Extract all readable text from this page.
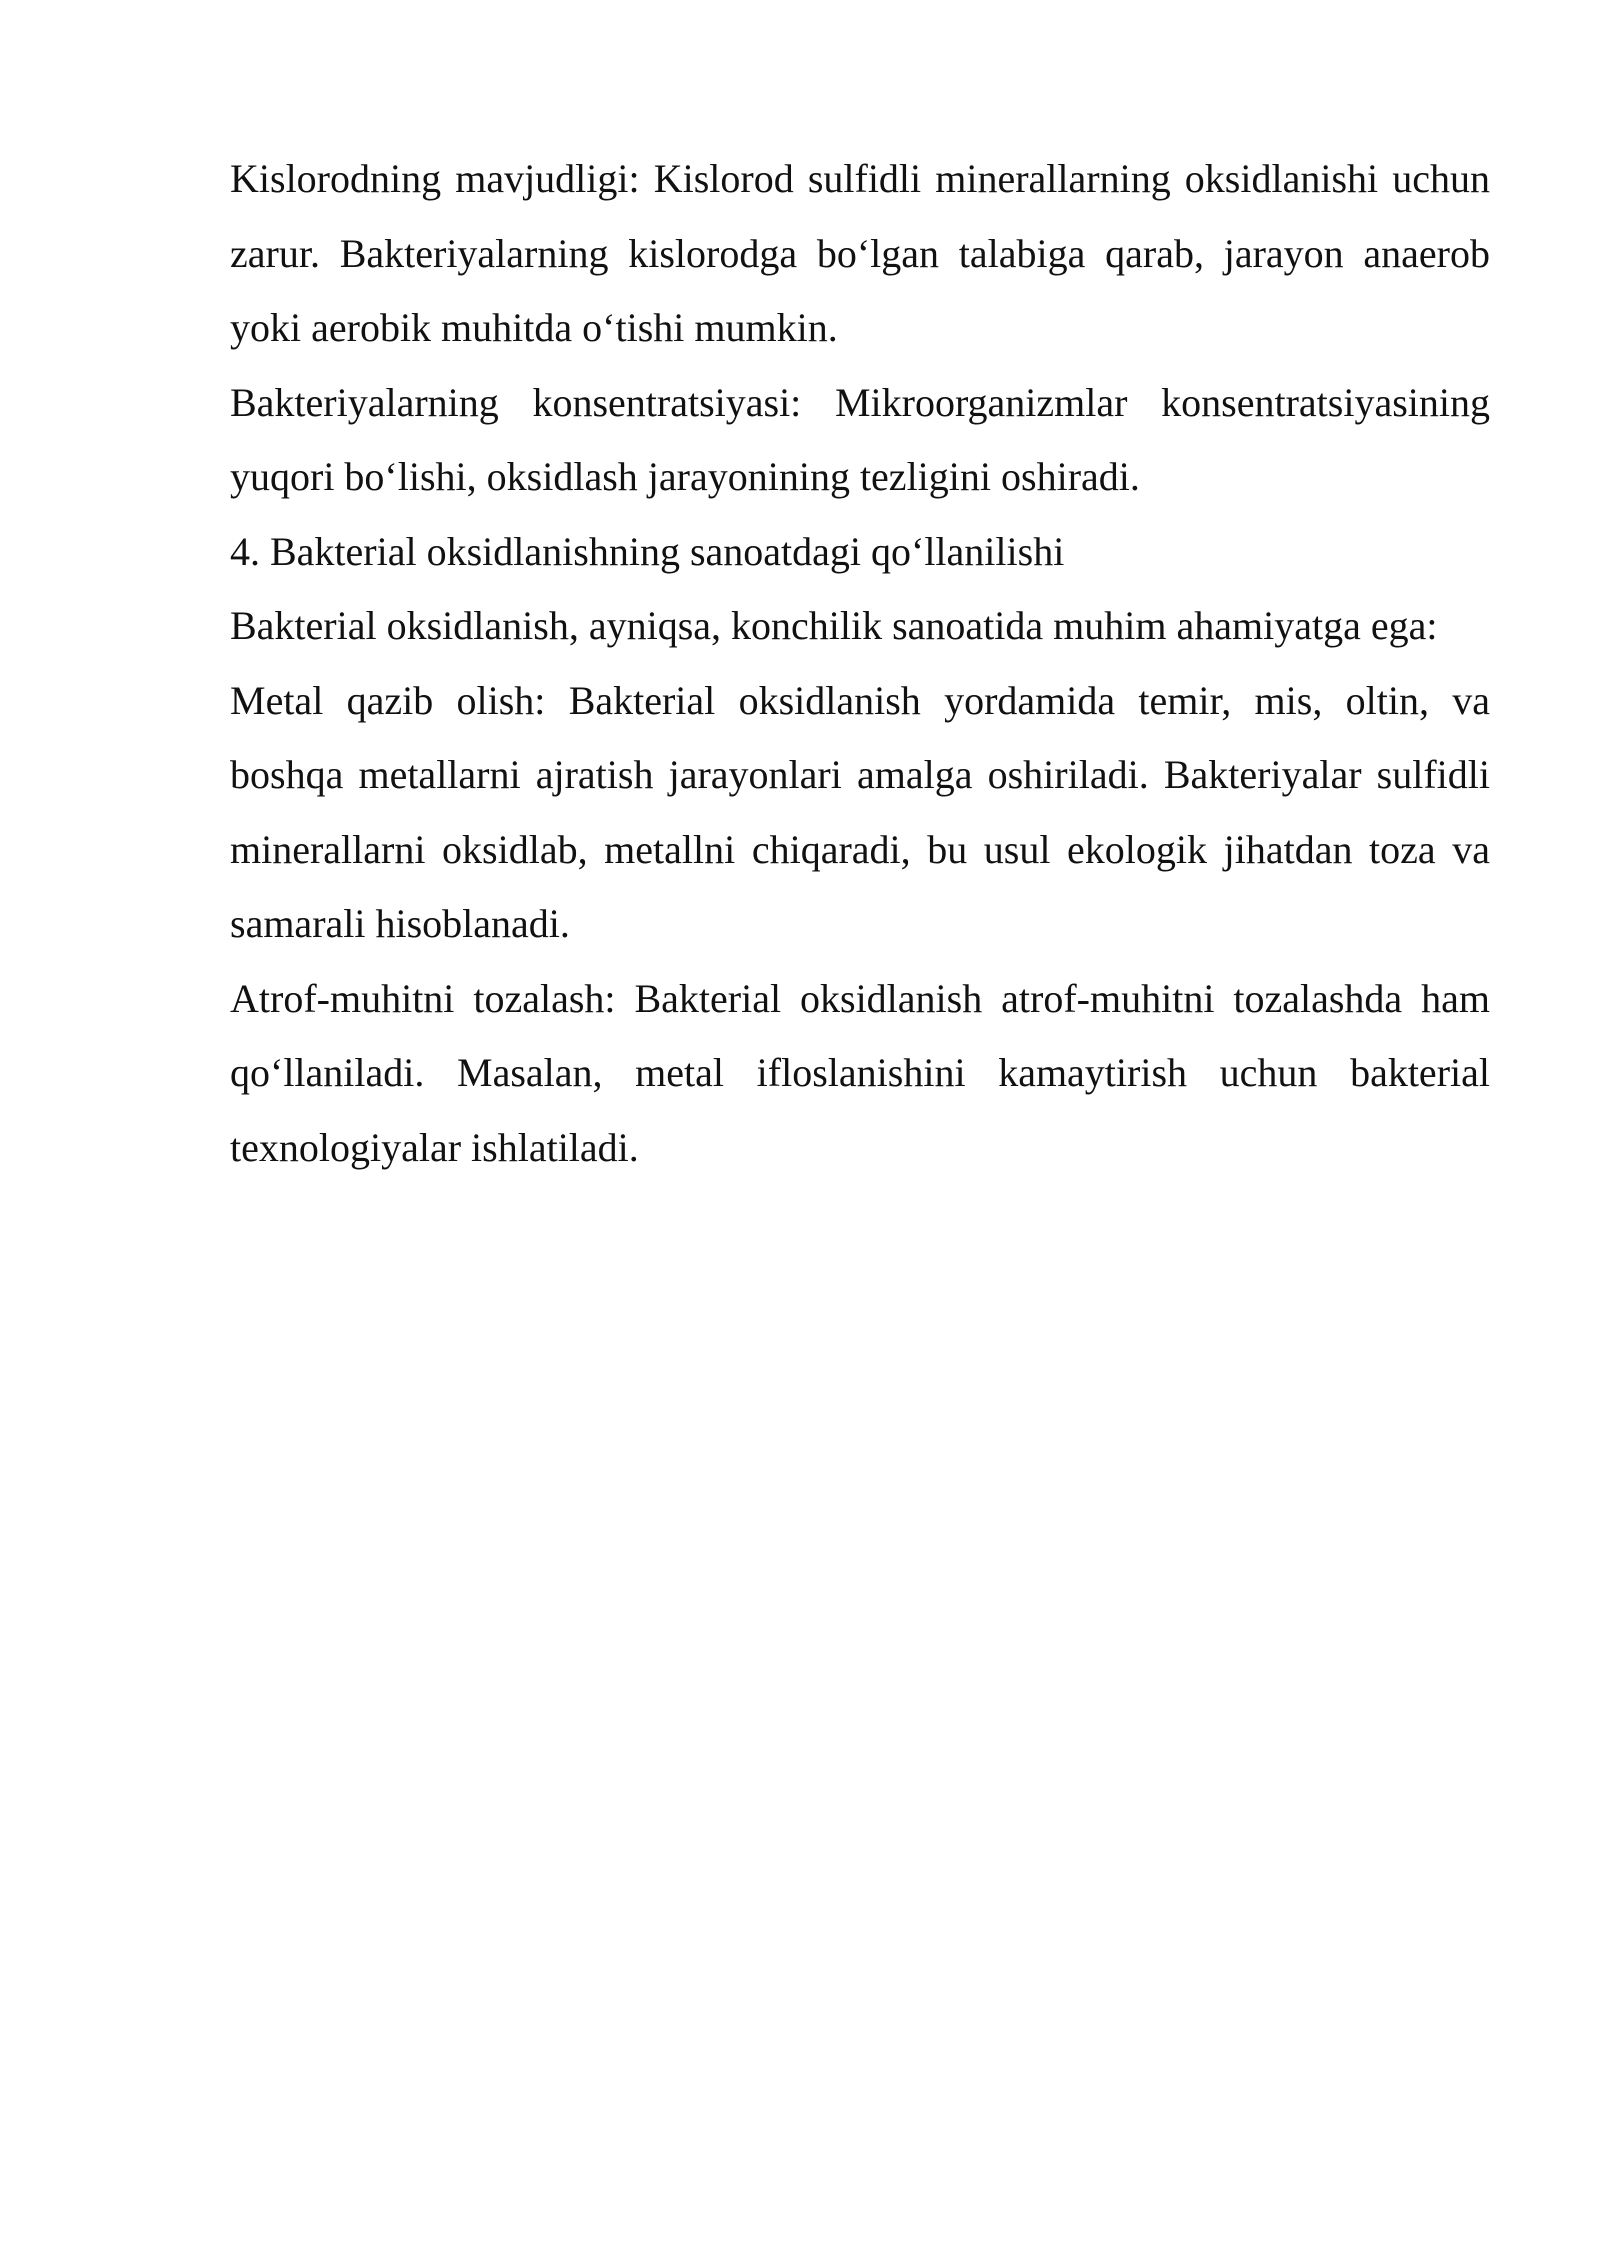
Kislorodning mavjudligi: Kislorod sulfidli minerallarning oksidlanishi uchun zarur. Bakteriyalarning kislorodga bo‘lgan talabiga qarab, jarayon anaerob yoki aerobik muhitda o‘tishi mumkin.

Bakteriyalarning konsentratsiyasi: Mikroorganizmlar konsentratsiyasining yuqori bo‘lishi, oksidlash jarayonining tezligini oshiradi.

4. Bakterial oksidlanishning sanoatdagi qo‘llanilishi

Bakterial oksidlanish, ayniqsa, konchilik sanoatida muhim ahamiyatga ega:

Metal qazib olish: Bakterial oksidlanish yordamida temir, mis, oltin, va boshqa metallarni ajratish jarayonlari amalga oshiriladi. Bakteriyalar sulfidli minerallarni oksidlab, metallni chiqaradi, bu usul ekologik jihatdan toza va samarali hisoblanadi.

Atrof-muhitni tozalash: Bakterial oksidlanish atrof-muhitni tozalashda ham qo‘llaniladi. Masalan, metal ifloslanishini kamaytirish uchun bakterial texnologiyalar ishlatiladi.
